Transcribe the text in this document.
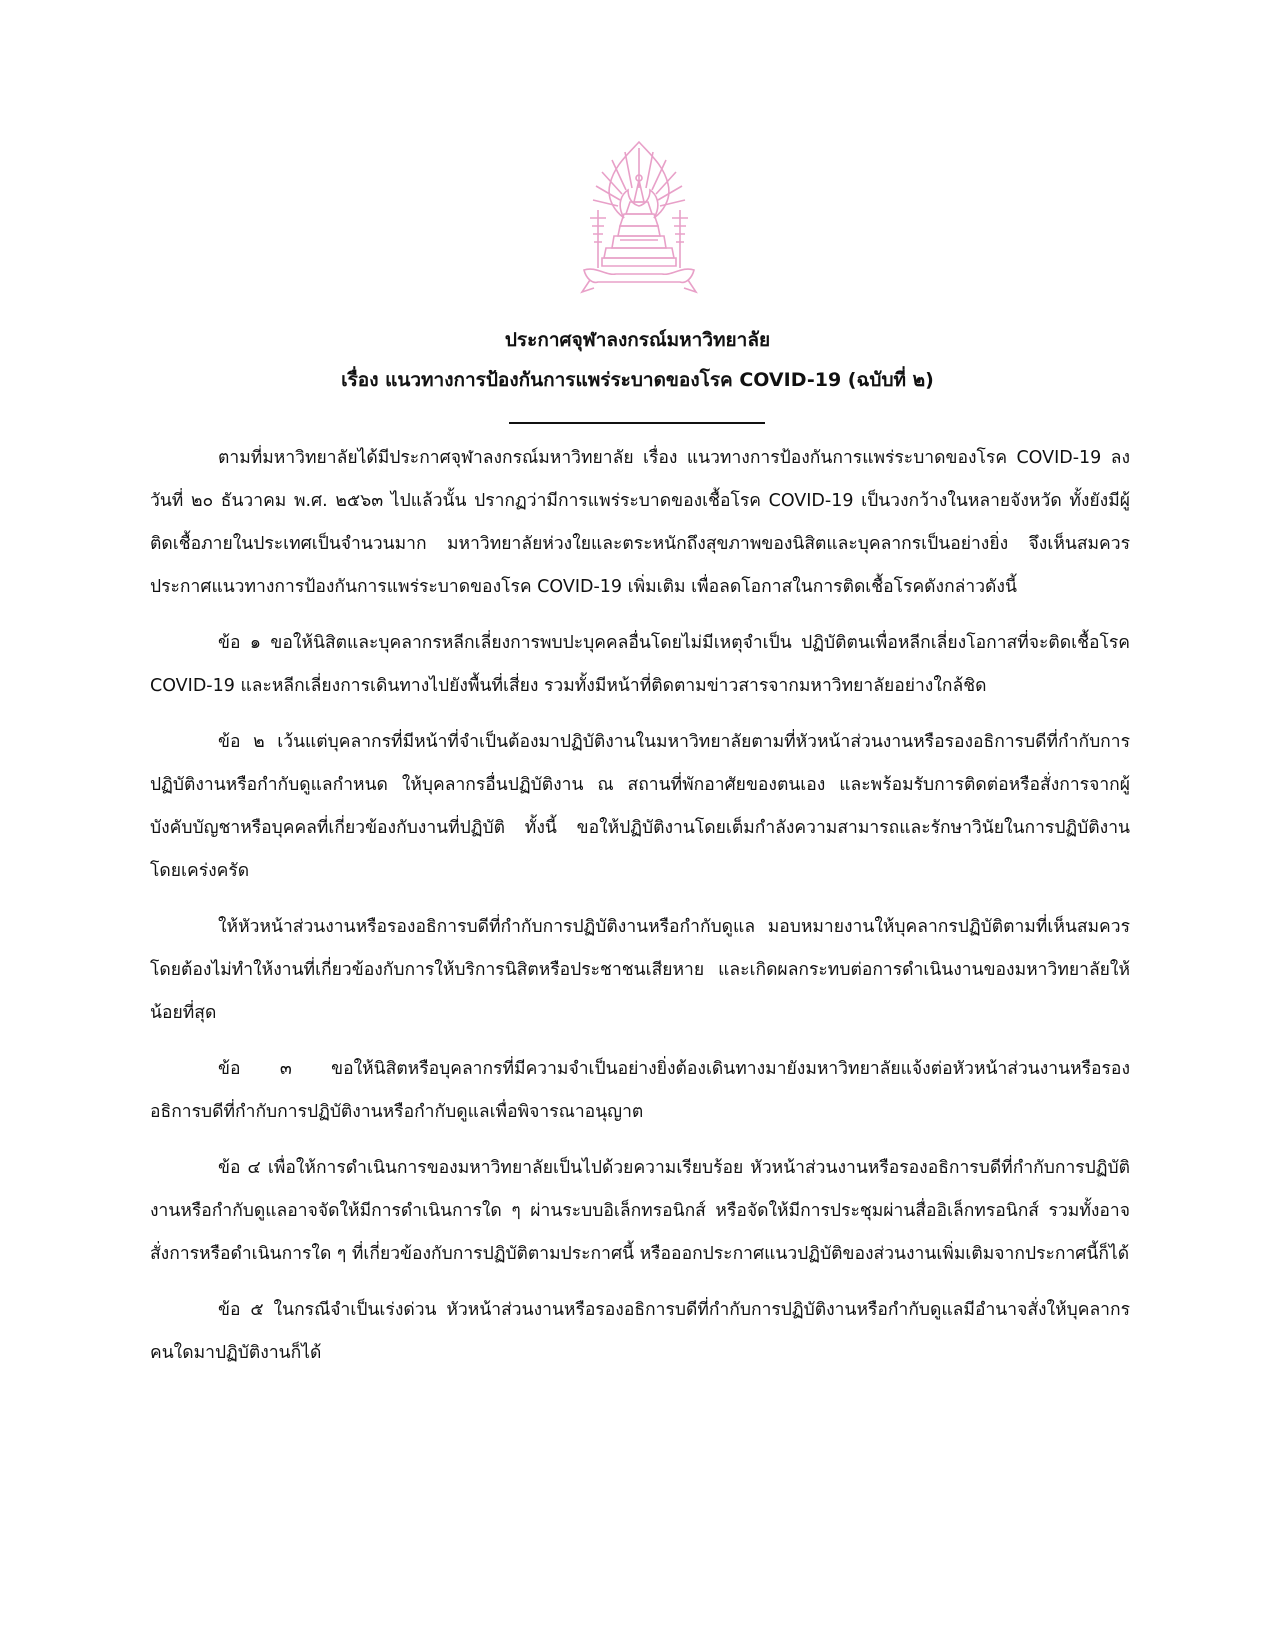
ประกาศจุฬาลงกรณ์มหาวิทยาลัย
เรื่อง แนวทางการป้องกันการแพร่ระบาดของโรค COVID-19 (ฉบับที่ ๒)

ตามที่มหาวิทยาลัยได้มีประกาศจุฬาลงกรณ์มหาวิทยาลัย เรื่อง แนวทางการป้องกันการแพร่ระบาดของโรค COVID-19 ลงวันที่ ๒๐ ธันวาคม พ.ศ. ๒๕๖๓ ไปแล้วนั้น ปรากฏว่ามีการแพร่ระบาดของเชื้อโรค COVID-19 เป็นวงกว้างในหลายจังหวัด ทั้งยังมีผู้ติดเชื้อภายในประเทศเป็นจำนวนมาก มหาวิทยาลัยห่วงใยและตระหนักถึงสุขภาพของนิสิตและบุคลากรเป็นอย่างยิ่ง จึงเห็นสมควรประกาศแนวทางการป้องกันการแพร่ระบาดของโรค COVID-19 เพิ่มเติม เพื่อลดโอกาสในการติดเชื้อโรคดังกล่าวดังนี้

ข้อ ๑ ขอให้นิสิตและบุคลากรหลีกเลี่ยงการพบปะบุคคลอื่นโดยไม่มีเหตุจำเป็น ปฏิบัติตนเพื่อหลีกเลี่ยงโอกาสที่จะติดเชื้อโรค COVID-19 และหลีกเลี่ยงการเดินทางไปยังพื้นที่เสี่ยง รวมทั้งมีหน้าที่ติดตามข่าวสารจากมหาวิทยาลัยอย่างใกล้ชิด

ข้อ ๒ เว้นแต่บุคลากรที่มีหน้าที่จำเป็นต้องมาปฏิบัติงานในมหาวิทยาลัยตามที่หัวหน้าส่วนงานหรือรองอธิการบดีที่กำกับการปฏิบัติงานหรือกำกับดูแลกำหนด ให้บุคลากรอื่นปฏิบัติงาน ณ สถานที่พักอาศัยของตนเอง และพร้อมรับการติดต่อหรือสั่งการจากผู้บังคับบัญชาหรือบุคคลที่เกี่ยวข้องกับงานที่ปฏิบัติ ทั้งนี้ ขอให้ปฏิบัติงานโดยเต็มกำลังความสามารถและรักษาวินัยในการปฏิบัติงานโดยเคร่งครัด

ให้หัวหน้าส่วนงานหรือรองอธิการบดีที่กำกับการปฏิบัติงานหรือกำกับดูแล มอบหมายงานให้บุคลากรปฏิบัติตามที่เห็นสมควร โดยต้องไม่ทำให้งานที่เกี่ยวข้องกับการให้บริการนิสิตหรือประชาชนเสียหาย และเกิดผลกระทบต่อการดำเนินงานของมหาวิทยาลัยให้น้อยที่สุด

ข้อ ๓ ขอให้นิสิตหรือบุคลากรที่มีความจำเป็นอย่างยิ่งต้องเดินทางมายังมหาวิทยาลัยแจ้งต่อหัวหน้าส่วนงานหรือรองอธิการบดีที่กำกับการปฏิบัติงานหรือกำกับดูแลเพื่อพิจารณาอนุญาต

ข้อ ๔ เพื่อให้การดำเนินการของมหาวิทยาลัยเป็นไปด้วยความเรียบร้อย หัวหน้าส่วนงานหรือรองอธิการบดีที่กำกับการปฏิบัติงานหรือกำกับดูแลอาจจัดให้มีการดำเนินการใด ๆ ผ่านระบบอิเล็กทรอนิกส์ หรือจัดให้มีการประชุมผ่านสื่ออิเล็กทรอนิกส์ รวมทั้งอาจสั่งการหรือดำเนินการใด ๆ ที่เกี่ยวข้องกับการปฏิบัติตามประกาศนี้ หรือออกประกาศแนวปฏิบัติของส่วนงานเพิ่มเติมจากประกาศนี้ก็ได้

ข้อ ๕ ในกรณีจำเป็นเร่งด่วน หัวหน้าส่วนงานหรือรองอธิการบดีที่กำกับการปฏิบัติงานหรือกำกับดูแลมีอำนาจสั่งให้บุคลากรคนใดมาปฏิบัติงานก็ได้
